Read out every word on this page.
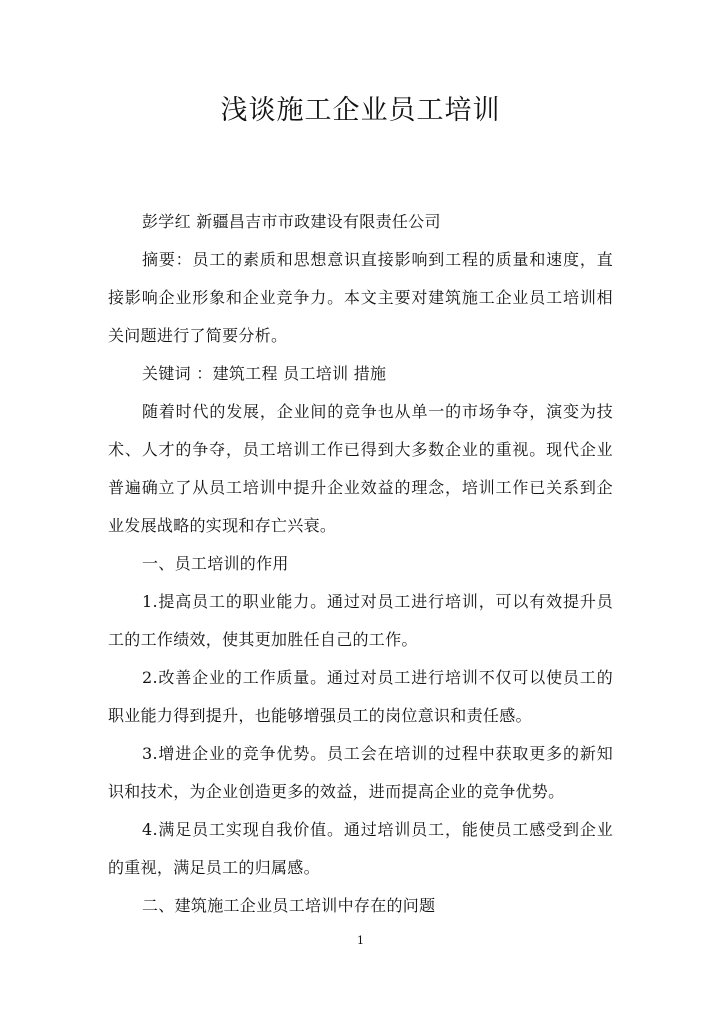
浅谈施工企业员工培训

彭学红 新疆昌吉市市政建设有限责任公司

摘要：员工的素质和思想意识直接影响到工程的质量和速度，直接影响企业形象和企业竞争力。本文主要对建筑施工企业员工培训相关问题进行了简要分析。

关键词 ：建筑工程 员工培训 措施

随着时代的发展，企业间的竞争也从单一的市场争夺，演变为技术、人才的争夺，员工培训工作已得到大多数企业的重视。现代企业普遍确立了从员工培训中提升企业效益的理念，培训工作已关系到企业发展战略的实现和存亡兴衰。

一、员工培训的作用

1.提高员工的职业能力。通过对员工进行培训，可以有效提升员工的工作绩效，使其更加胜任自己的工作。

2.改善企业的工作质量。通过对员工进行培训不仅可以使员工的职业能力得到提升，也能够增强员工的岗位意识和责任感。

3.增进企业的竞争优势。员工会在培训的过程中获取更多的新知识和技术，为企业创造更多的效益，进而提高企业的竞争优势。

4.满足员工实现自我价值。通过培训员工，能使员工感受到企业的重视，满足员工的归属感。

二、建筑施工企业员工培训中存在的问题

1
